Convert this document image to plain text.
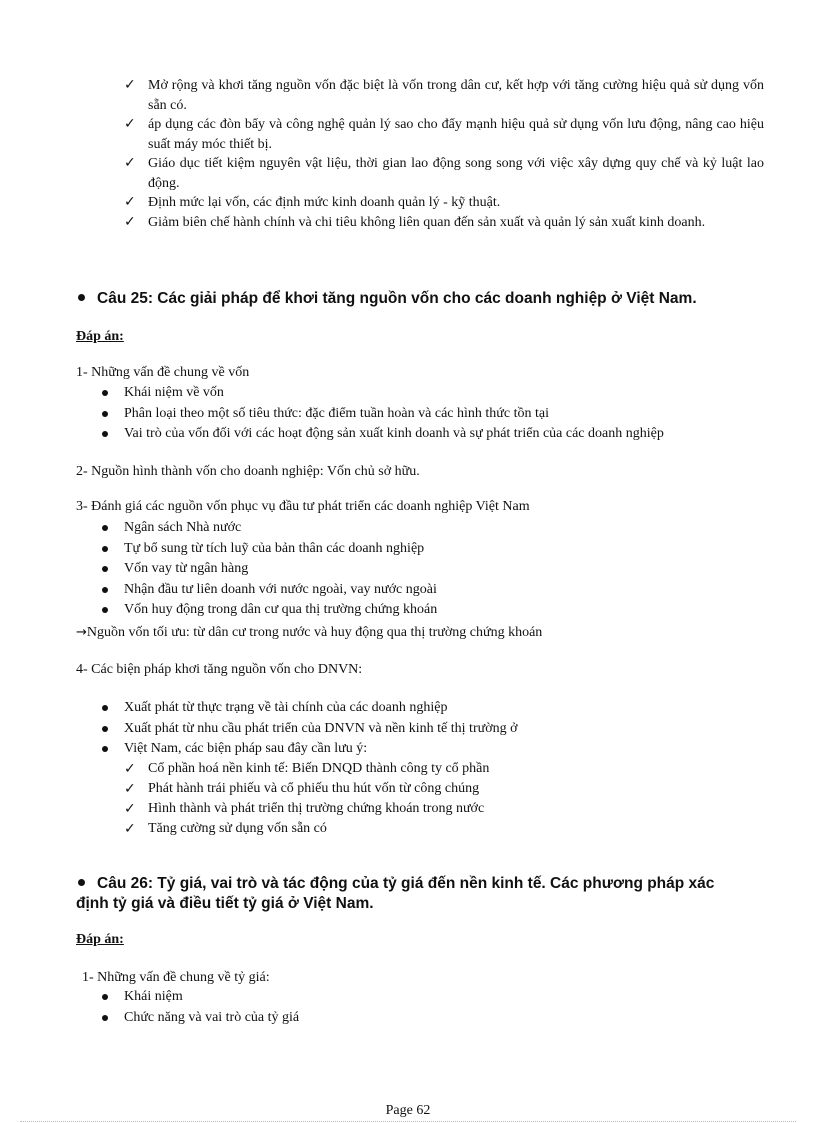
✓ Mở rộng và khơi tăng nguồn vốn đặc biệt là vốn trong dân cư, kết hợp với tăng cường hiệu quả sử dụng vốn sẵn có.
✓ áp dụng các đòn bẩy và công nghệ quản lý sao cho đẩy mạnh hiệu quả sử dụng vốn lưu động, nâng cao hiệu suất máy móc thiết bị.
✓ Giáo dục tiết kiệm nguyên vật liệu, thời gian lao động song song với việc xây dựng quy chế và kỷ luật lao động.
✓ Định mức lại vốn, các định mức kinh doanh quản lý - kỹ thuật.
✓ Giảm biên chế hành chính và chi tiêu không liên quan đến sản xuất và quản lý sản xuất kinh doanh.
Câu 25: Các giải pháp để khơi tăng nguồn vốn cho các doanh nghiệp ở Việt Nam.
Đáp án:
1- Những vấn đề chung về vốn
Khái niệm về vốn
Phân loại theo một số tiêu thức: đặc điểm tuần hoàn và các hình thức tồn tại
Vai trò của vốn đối với các hoạt động sản xuất kinh doanh và sự phát triển của các doanh nghiệp
2- Nguồn hình thành vốn cho doanh nghiệp: Vốn chủ sở hữu.
3- Đánh giá các nguồn vốn phục vụ đầu tư phát triển các doanh nghiệp Việt Nam
Ngân sách Nhà nước
Tự bổ sung từ tích luỹ của bản thân các doanh nghiệp
Vốn vay từ ngân hàng
Nhận đầu tư liên doanh với nước ngoài, vay nước ngoài
Vốn huy động trong dân cư qua thị trường chứng khoán
→Nguồn vốn tối ưu: từ dân cư trong nước và huy động qua thị trường chứng khoán
4- Các biện pháp khơi tăng nguồn vốn cho DNVN:
Xuất phát từ thực trạng về tài chính của các doanh nghiệp
Xuất phát từ nhu cầu phát triển của DNVN và nền kinh tế thị trường ở
Việt Nam, các biện pháp sau đây cần lưu ý:
✓ Cổ phần hoá nền kinh tế: Biến DNQD thành công ty cổ phần
✓ Phát hành trái phiếu và cổ phiếu thu hút vốn từ công chúng
✓ Hình thành và phát triển thị trường chứng khoán trong nước
✓ Tăng cường sử dụng vốn sẵn có
Câu 26: Tỷ giá, vai trò và tác động của tỷ giá đến nền kinh tế. Các phương pháp xác định tỷ giá và điều tiết tỷ giá ở Việt Nam.
Đáp án:
1- Những vấn đề chung về tỷ giá:
Khái niệm
Chức năng và vai trò của tỷ giá
Page 62
